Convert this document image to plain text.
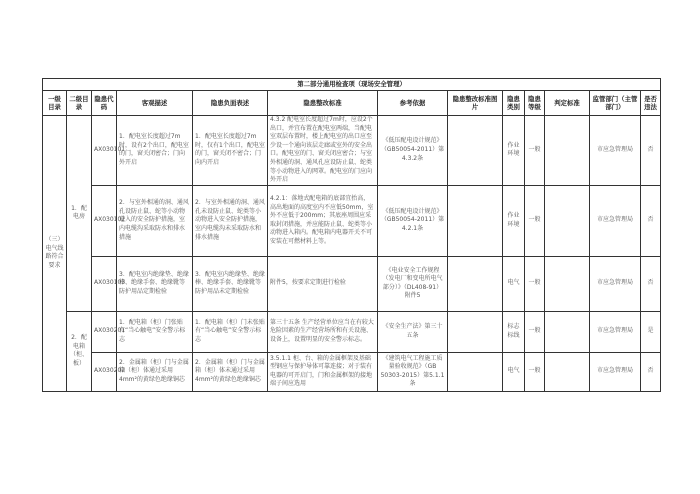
第二部分通用检查项（现场安全管理）												
一级目录	二级目录	隐患代码	客观描述	隐患负面表述	隐患整改标准	参考依据	隐患整改标准图片	隐患类别	隐患等级	判定标准	监管部门（主管部门）	是否违法
（三）电气线路符合要求	1．配电房	AX030101	1．配电室长度超过7m时，设有2个出口，配电室的门，窗关闭密合；门向外开启	1．配电室长度超过7m时，仅有1个出口，配电室的门，窗关闭不密合；门向内开启	4.3.2 配电室长度超过7m时，应设2个出口，并宜布置在配电室两端，当配电室双层布置时，楼上配电室的出口应至少设一个通向该层走廊或室外的安全出口。配电室的门、窗关闭应密合；与室外相通的洞、通风孔应设防止鼠、蛇类等小动物进入的网罩。配电室的门应向外开启	《低压配电设计规范》（GB50054-2011）第4.3.2条		作业环境	一般		市应急管理局	否
		AX030102	2．与室外相通的洞、通风孔设防止鼠、蛇等小动物进入的安全防护措施，室内电缆沟采取防水和排水措施	2．与室外相通的洞、通风孔未设防止鼠、蛇类等小动物进入安全防护措施，室内电缆沟未采取防水和排水措施	4.2.1：落地式配电箱的底部宜抬高，高出地面的高度室内不应低50mm，室外不应低于200mm；其底座周围应采取封闭措施，并应能防止鼠、蛇类等小动物进入箱内。配电箱内电器开关不可安装在可燃材料上等。	《低压配电设计规范》（GB50054-2011）第4.2.1条		作业环境	一般		市应急管理局	否
		AX030103	3．配电室内绝缘垫、绝缘棒、绝缘手套、绝缘靴等防护用品定期检验	3．配电室内绝缘垫、绝缘棒、绝缘手套、绝缘靴等防护用品未定期检验	附件5，按要求定期进行检验	《电业安全工作规程（发电厂和变电所电气部分）》（DL408-91）附件5		电气	一般		市应急管理局	否
	2．配电箱（柜、板）	AX030201	1．配电箱（柜）门张贴有“当心触电”安全警示标志	1．配电箱（柜）门未张贴有“当心触电”安全警示标志	第三十五条 生产经营单位应当在有较大危险因素的生产经营场所和有关设施、设备上，设置明显的安全警示标志。	《安全生产法》第三十五条		标志标线	一般		市应急管理局	是
		AX030202	2．金属箱（柜）门与金属箱（柜）体通过采用4mm²的黄绿色绝缘铜芯	2．金属箱（柜）门与金属箱（柜）体未通过采用4mm²的黄绿色绝缘铜芯	3.5.1.1 柜、台、箱的金属框架及基础型钢应与保护导体可靠连接；对于装有电器的可开启门，门和金属框架的接地端子间应选用	《建筑电气工程施工质量验收规范》（GB 50303-2015）第5.1.1条		电气	一般		市应急管理局	否
